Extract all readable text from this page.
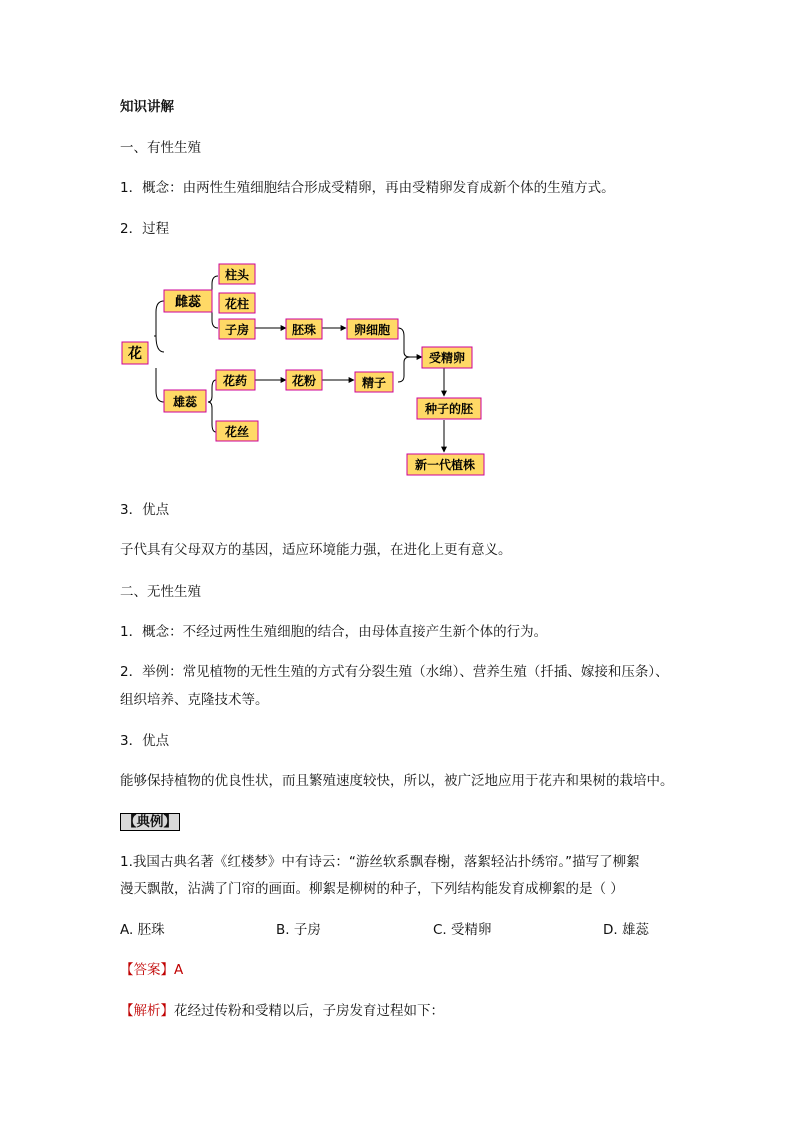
知识讲解
一、有性生殖
1．概念：由两性生殖细胞结合形成受精卵，再由受精卵发育成新个体的生殖方式。
2．过程
花
雌蕊
雄蕊
柱头
花柱
子房	胚珠	卵细胞
花药	花粉	精子
花丝
受精卵
种子的胚
新一代植株
3．优点
子代具有父母双方的基因，适应环境能力强，在进化上更有意义。
二、无性生殖
1．概念：不经过两性生殖细胞的结合，由母体直接产生新个体的行为。
2．举例：常见植物的无性生殖的方式有分裂生殖（水绵）、营养生殖（扦插、嫁接和压条）、
组织培养、克隆技术等。
3．优点
能够保持植物的优良性状，而且繁殖速度较快，所以，被广泛地应用于花卉和果树的栽培中。
【典例】
1.我国古典名著《红楼梦》中有诗云：“游丝软系飘春榭，落絮轻沾扑绣帘。”描写了柳絮
漫天飘散，沾满了门帘的画面。柳絮是柳树的种子，下列结构能发育成柳絮的是（ ）
A. 胚珠	B. 子房	C. 受精卵	D. 雄蕊
【答案】A
【解析】花经过传粉和受精以后，子房发育过程如下：
